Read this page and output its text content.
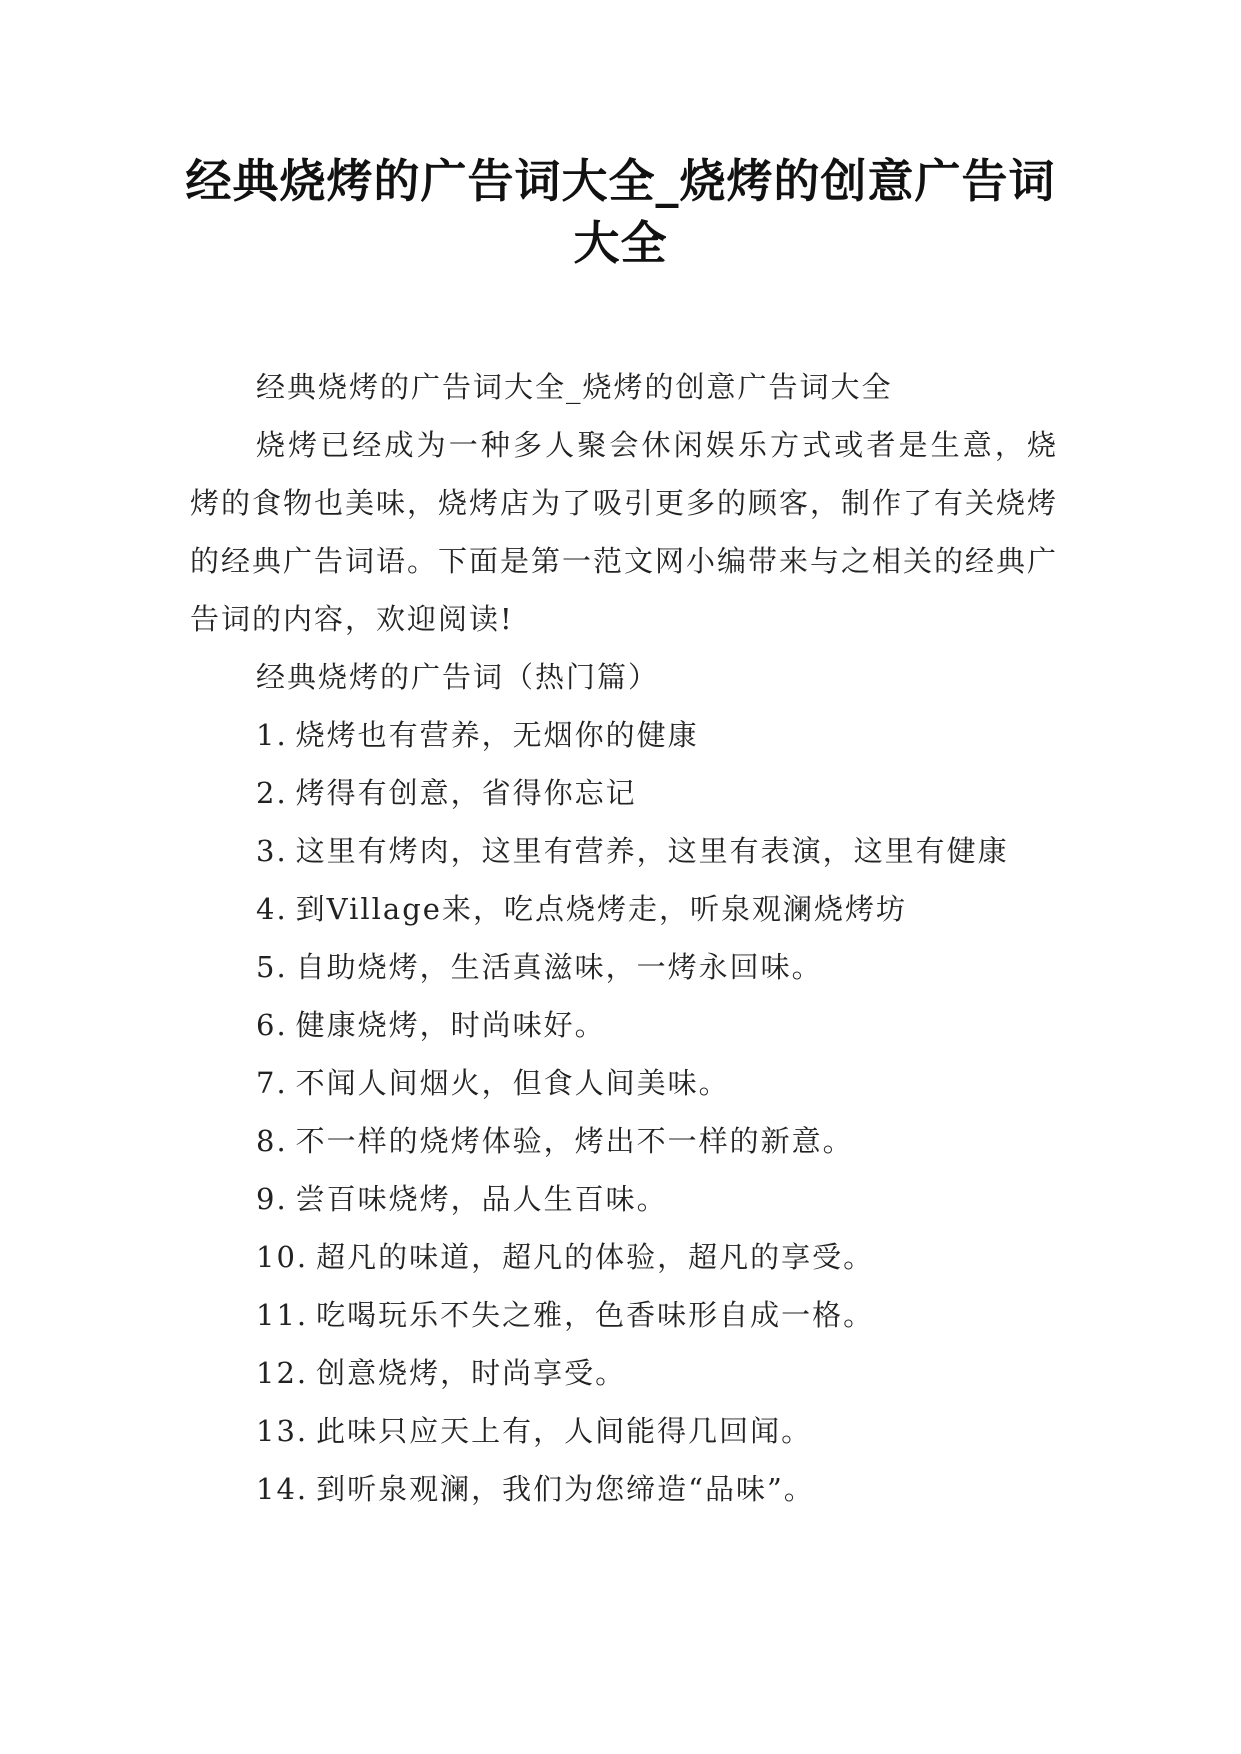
经典烧烤的广告词大全_烧烤的创意广告词
大全

经典烧烤的广告词大全_烧烤的创意广告词大全

烧烤已经成为一种多人聚会休闲娱乐方式或者是生意，烧烤的食物也美味，烧烤店为了吸引更多的顾客，制作了有关烧烤的经典广告词语。下面是第一范文网小编带来与之相关的经典广告词的内容，欢迎阅读!

经典烧烤的广告词（热门篇）

1. 烧烤也有营养，无烟你的健康

2. 烤得有创意，省得你忘记

3. 这里有烤肉，这里有营养，这里有表演，这里有健康

4. 到Village来，吃点烧烤走，听泉观澜烧烤坊

5. 自助烧烤，生活真滋味，一烤永回味。

6. 健康烧烤，时尚味好。

7. 不闻人间烟火，但食人间美味。

8. 不一样的烧烤体验，烤出不一样的新意。

9. 尝百味烧烤，品人生百味。

10. 超凡的味道，超凡的体验，超凡的享受。

11. 吃喝玩乐不失之雅，色香味形自成一格。

12. 创意烧烤，时尚享受。

13. 此味只应天上有，人间能得几回闻。

14. 到听泉观澜，我们为您缔造“品味”。
